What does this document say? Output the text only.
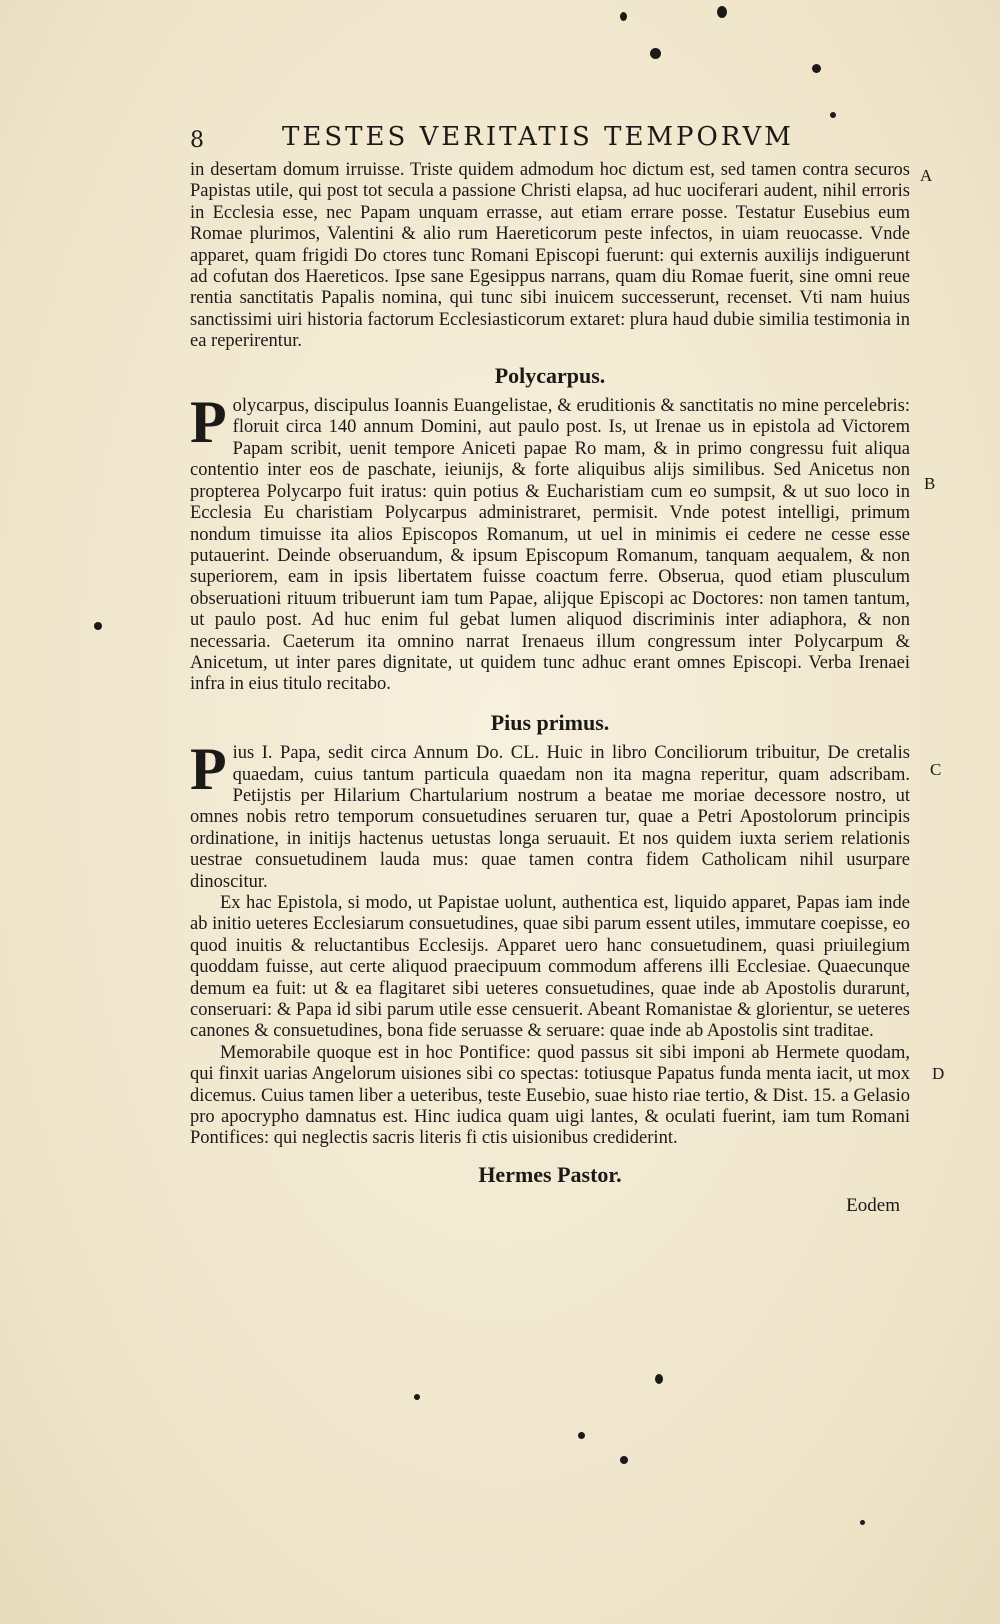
8	TESTES VERITATIS TEMPORVM
A
B
C
D

in desertam domum irruisse. Triste quidem admodum hoc dictum est, sed tamen contra securos Papistas utile, qui post tot secula a passione Christi elapsa, ad huc uociferari audent, nihil erroris in Ecclesia esse, nec Papam unquam errasse, aut etiam errare posse. Testatur Eusebius eum Romae plurimos, Valentini & alio rum Haereticorum peste infectos, in uiam reuocasse. Vnde apparet, quam frigidi Do ctores tunc Romani Episcopi fuerunt: qui externis auxilijs indiguerunt ad cofutan dos Haereticos. Ipse sane Egesippus narrans, quam diu Romae fuerit, sine omni reue rentia sanctitatis Papalis nomina, qui tunc sibi inuicem successerunt, recenset. Vti nam huius sanctissimi uiri historia factorum Ecclesiasticorum extaret: plura haud dubie similia testimonia in ea reperirentur.

Polycarpus.

Polycarpus, discipulus Ioannis Euangelistae, & eruditionis & sanctitatis no mine percelebris: floruit circa 140 annum Domini, aut paulo post. Is, ut Irenae us in epistola ad Victorem Papam scribit, uenit tempore Aniceti papae Ro mam, & in primo congressu fuit aliqua contentio inter eos de paschate, ieiunijs, & forte aliquibus alijs similibus. Sed Anicetus non propterea Polycarpo fuit iratus: quin potius & Eucharistiam cum eo sumpsit, & ut suo loco in Ecclesia Eu charistiam Polycarpus administraret, permisit. Vnde potest intelligi, primum nondum timuisse ita alios Episcopos Romanum, ut uel in minimis ei cedere ne cesse esse putauerint. Deinde obseruandum, & ipsum Episcopum Romanum, tanquam aequalem, & non superiorem, eam in ipsis libertatem fuisse coactum ferre. Obserua, quod etiam plusculum obseruationi rituum tribuerunt iam tum Papae, alijque Episcopi ac Doctores: non tamen tantum, ut paulo post. Ad huc enim ful gebat lumen aliquod discriminis inter adiaphora, & non necessaria. Caeterum ita omnino narrat Irenaeus illum congressum inter Polycarpum & Anicetum, ut inter pares dignitate, ut quidem tunc adhuc erant omnes Episcopi. Verba Irenaei infra in eius titulo recitabo.

Pius primus.

Pius I. Papa, sedit circa Annum Do. CL. Huic in libro Conciliorum tribuitur, De cretalis quaedam, cuius tantum particula quaedam non ita magna reperitur, quam adscribam. Petijstis per Hilarium Chartularium nostrum a beatae me moriae decessore nostro, ut omnes nobis retro temporum consuetudines seruaren tur, quae a Petri Apostolorum principis ordinatione, in initijs hactenus uetustas longa seruauit. Et nos quidem iuxta seriem relationis uestrae consuetudinem lauda mus: quae tamen contra fidem Catholicam nihil usurpare dinoscitur.

Ex hac Epistola, si modo, ut Papistae uolunt, authentica est, liquido apparet, Papas iam inde ab initio ueteres Ecclesiarum consuetudines, quae sibi parum essent utiles, immutare coepisse, eo quod inuitis & reluctantibus Ecclesijs. Apparet uero hanc consuetudinem, quasi priuilegium quoddam fuisse, aut certe aliquod praecipuum commodum afferens illi Ecclesiae. Quaecunque demum ea fuit: ut & ea flagitaret sibi ueteres consuetudines, quae inde ab Apostolis durarunt, conseruari: & Papa id sibi parum utile esse censuerit. Abeant Romanistae & glorientur, se ueteres canones & consuetudines, bona fide seruasse & seruare: quae inde ab Apostolis sint traditae.

Memorabile quoque est in hoc Pontifice: quod passus sit sibi imponi ab Hermete quodam, qui finxit uarias Angelorum uisiones sibi co spectas: totiusque Papatus funda menta iacit, ut mox dicemus. Cuius tamen liber a ueteribus, teste Eusebio, suae histo riae tertio, & Dist. 15. a Gelasio pro apocrypho damnatus est. Hinc iudica quam uigi lantes, & oculati fuerint, iam tum Romani Pontifices: qui neglectis sacris literis fi ctis uisionibus crediderint.

Hermes Pastor.
Eodem
